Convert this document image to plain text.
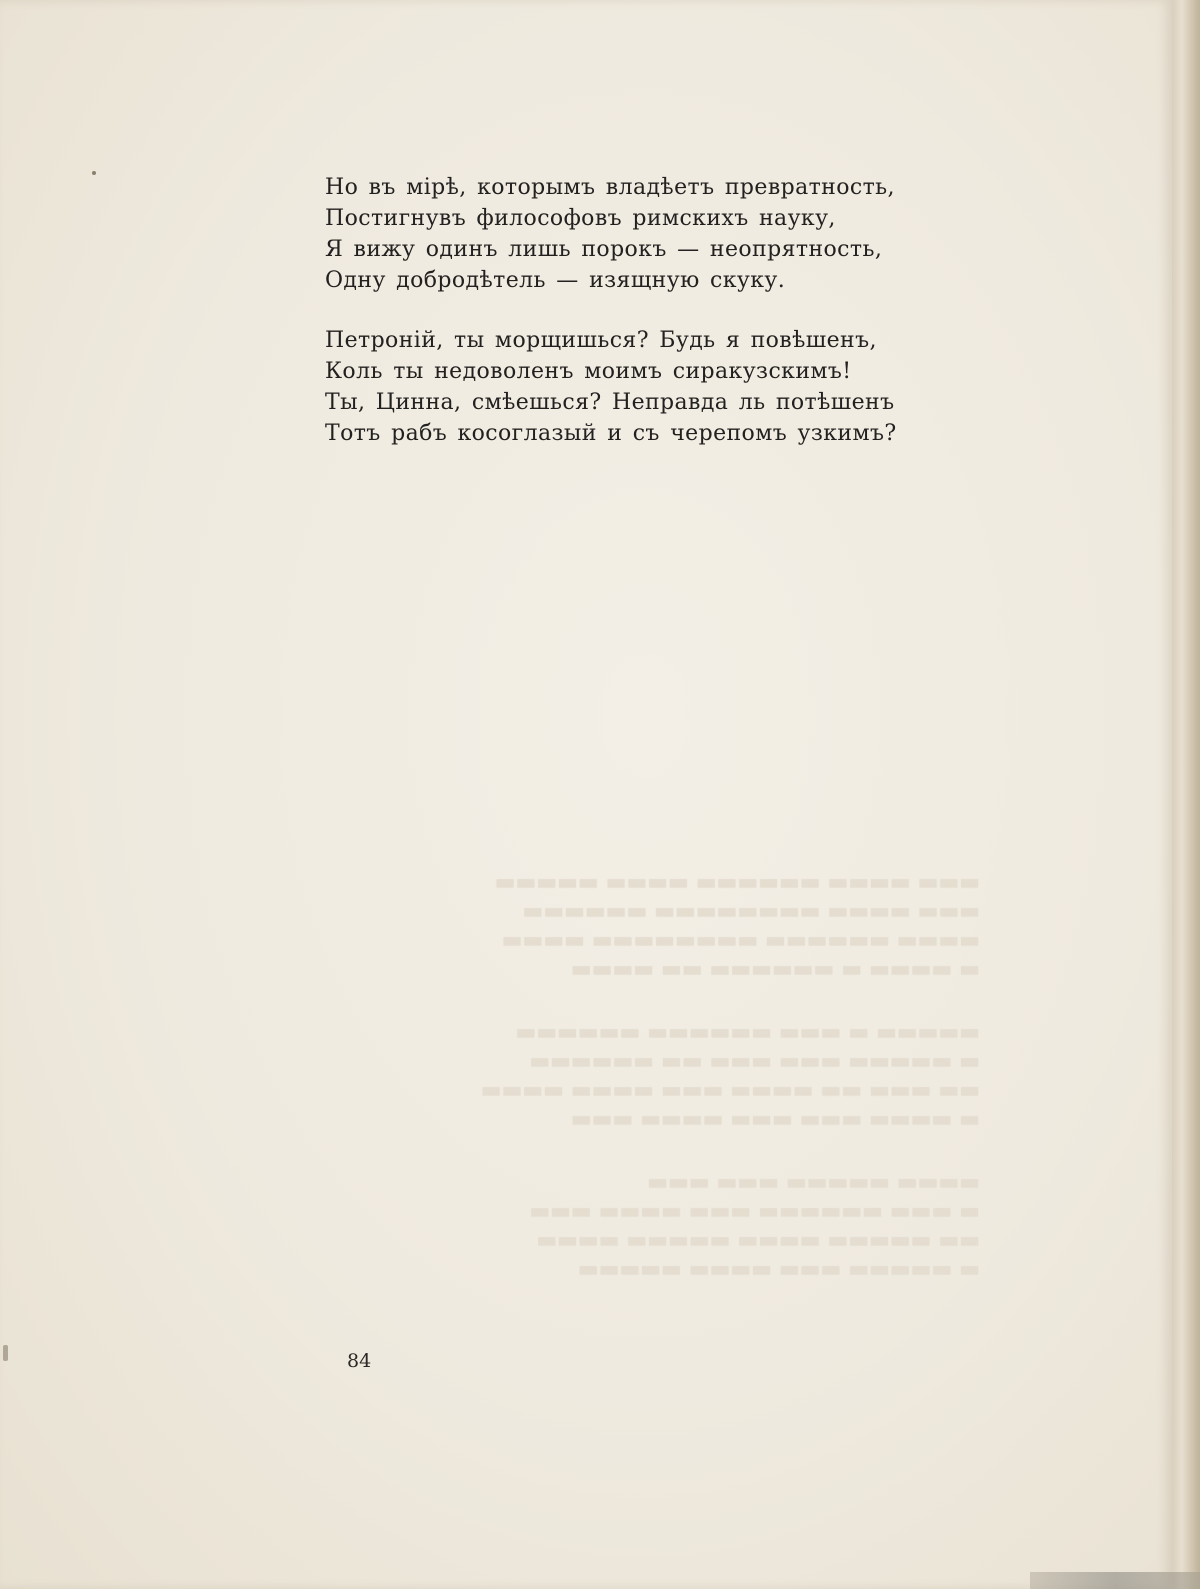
Но въ мірѣ, которымъ владѣетъ превратность,
Постигнувъ философовъ римскихъ науку,
Я вижу одинъ лишь порокъ — неопрятность,
Одну добродѣтель — изящную скуку.
Петроній, ты морщишься? Будь я повѣшенъ,
Коль ты недоволенъ моимъ сиракузскимъ!
Ты, Цинна, смѣешься? Неправда ль потѣшенъ
Тотъ рабъ косоглазый и съ черепомъ узкимъ?
▬▬▬ ▬▬▬▬ ▬▬▬▬▬▬ ▬▬▬▬ ▬▬▬▬▬
▬▬▬ ▬▬▬▬ ▬▬▬▬▬▬▬▬ ▬▬▬▬▬▬
▬▬▬▬ ▬▬▬▬▬▬ ▬▬▬▬▬▬▬▬ ▬▬▬▬
▬ ▬▬▬▬ ▬ ▬▬▬▬▬▬ ▬▬ ▬▬▬▬
▬▬▬▬▬ ▬ ▬▬▬ ▬▬▬▬▬▬ ▬▬▬▬▬▬
▬ ▬▬▬▬▬ ▬▬▬ ▬▬▬ ▬▬ ▬▬▬▬▬▬
▬▬ ▬▬▬ ▬▬ ▬▬▬▬ ▬▬▬ ▬▬▬▬ ▬▬▬▬
▬ ▬▬▬▬ ▬▬▬ ▬▬▬ ▬▬▬▬ ▬▬▬
▬▬▬▬ ▬▬▬▬▬ ▬▬▬ ▬▬▬
▬ ▬▬▬ ▬▬▬▬▬▬ ▬▬▬ ▬▬▬▬ ▬▬▬
▬▬ ▬▬▬▬▬ ▬▬▬▬ ▬▬▬▬▬ ▬▬▬▬
▬ ▬▬▬▬▬ ▬▬▬ ▬▬▬▬ ▬▬▬▬▬
84
